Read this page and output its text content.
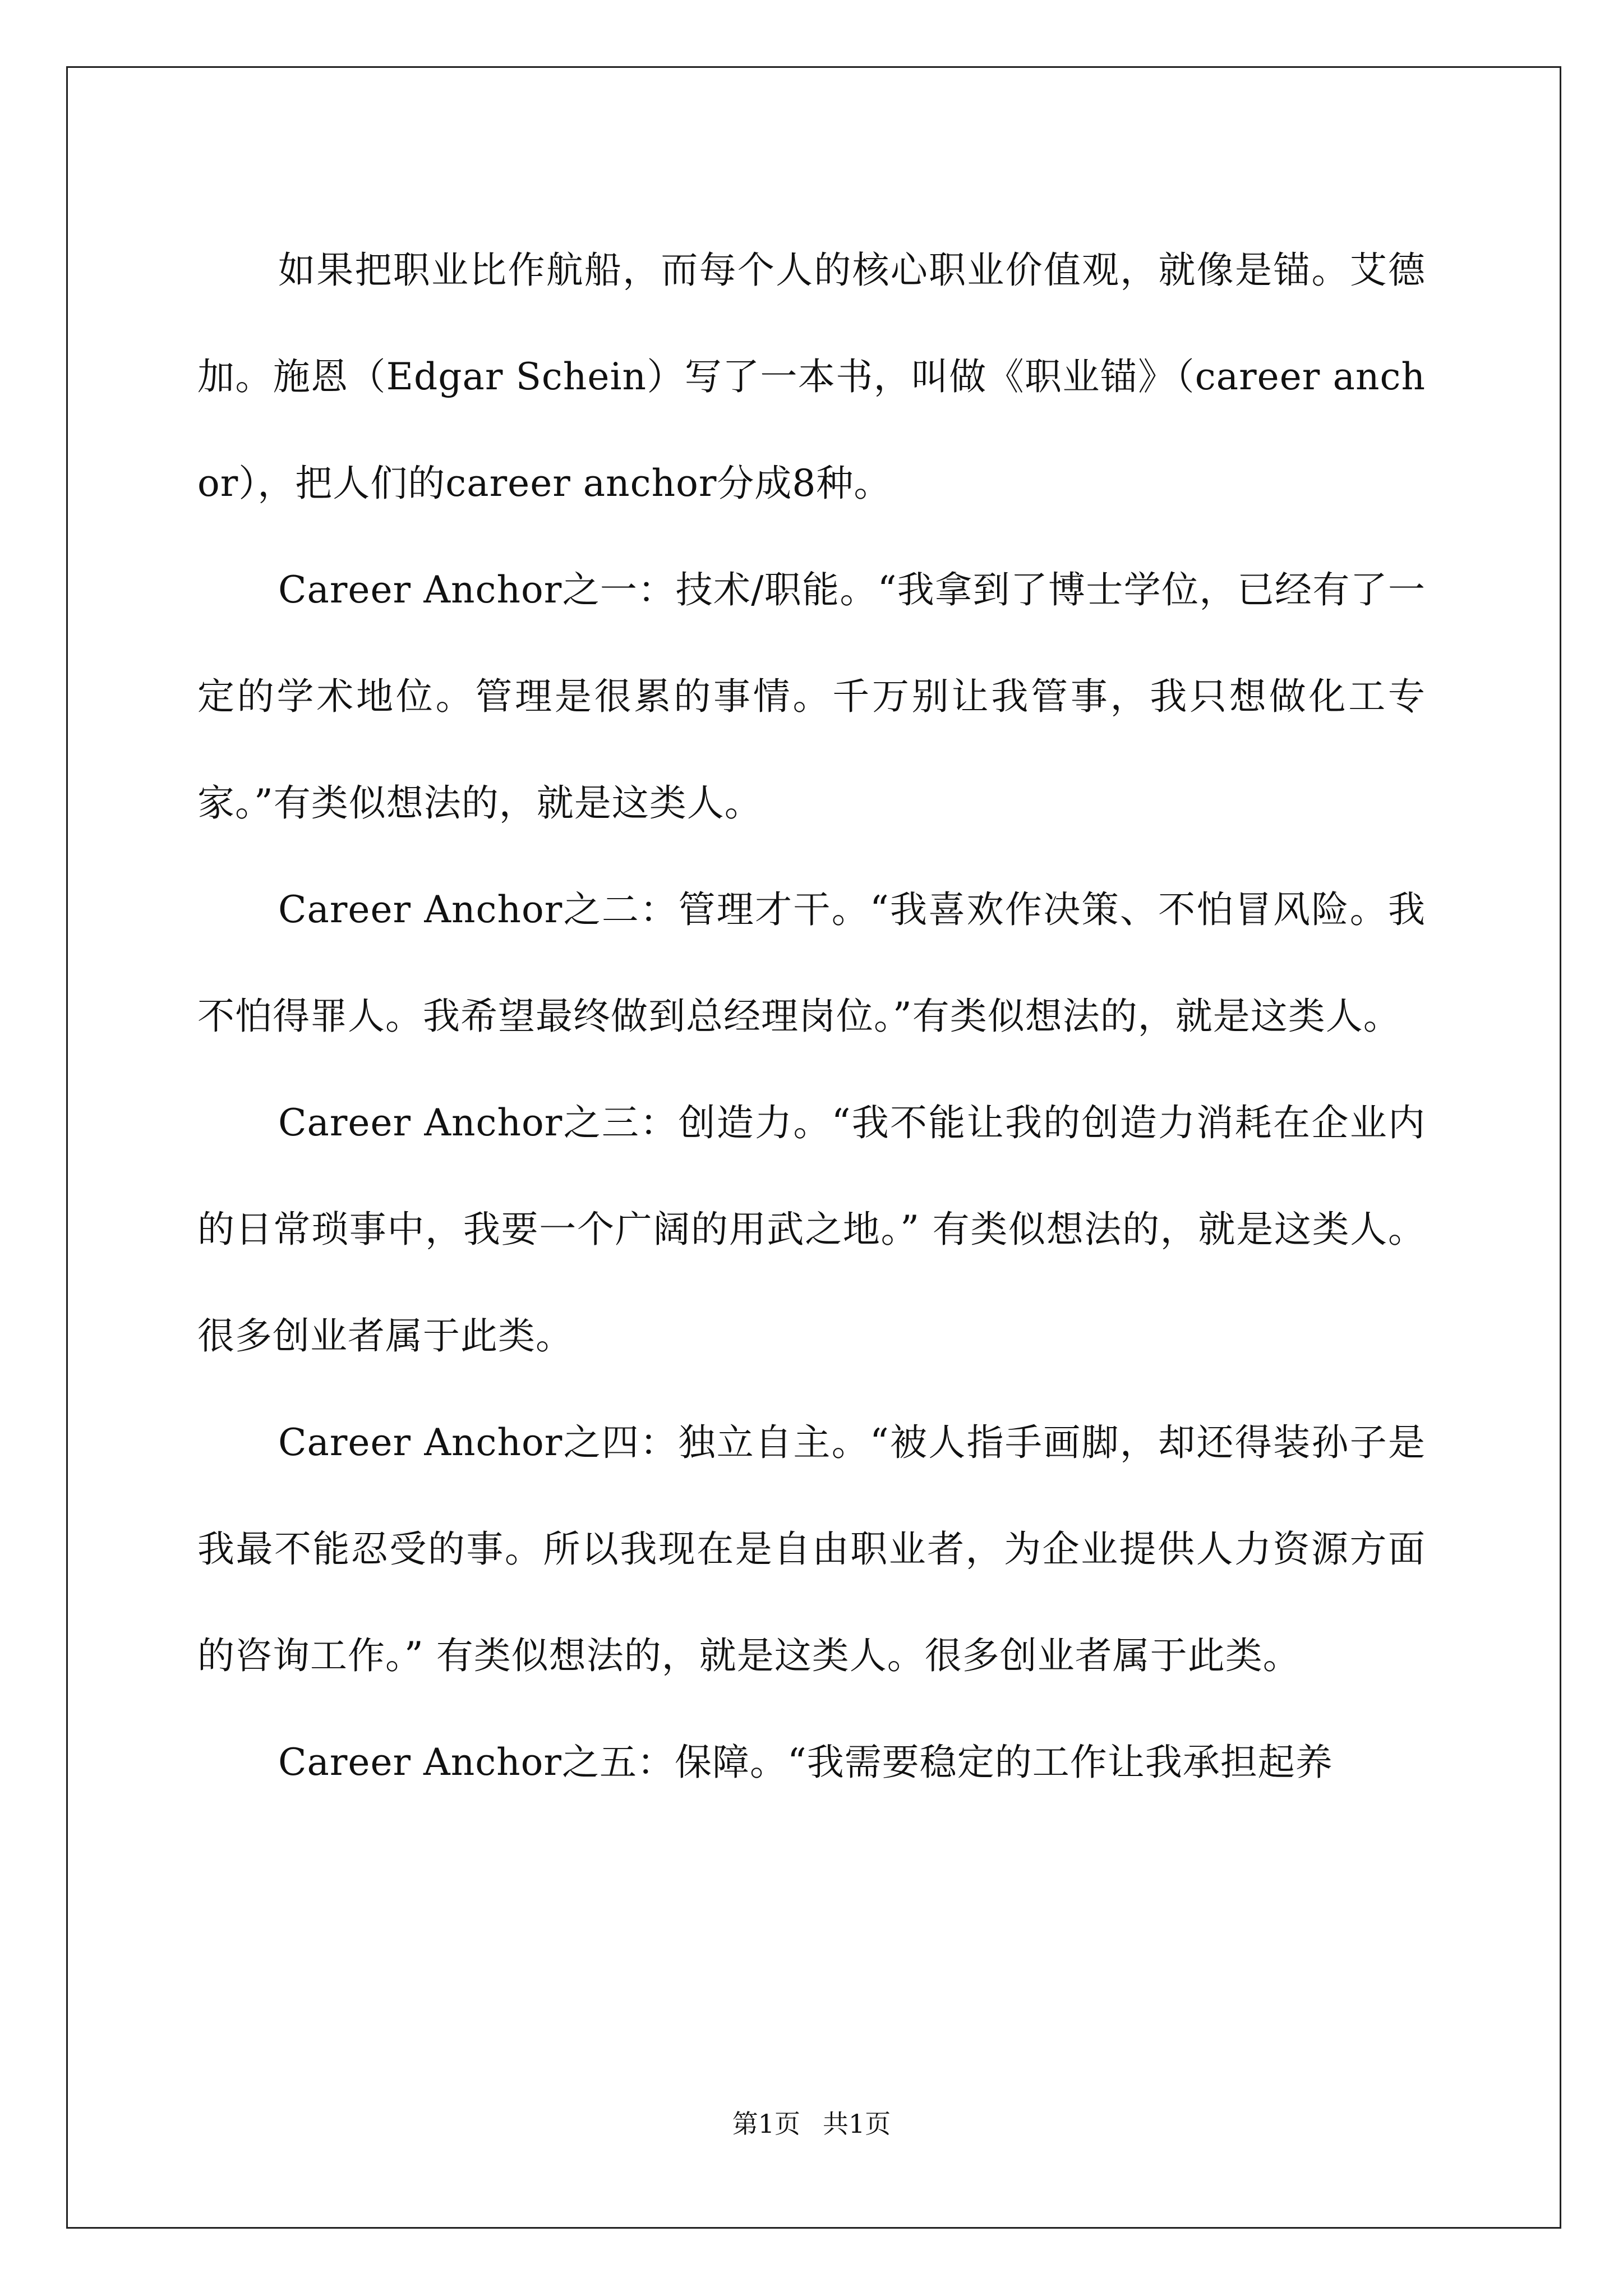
如果把职业比作航船，而每个人的核心职业价值观，就像是锚。艾德加。施恩（Edgar Schein）写了一本书，叫做《职业锚》（career anchor），把人们的career anchor分成8种。

Career Anchor之一：技术/职能。“我拿到了博士学位，已经有了一定的学术地位。管理是很累的事情。千万别让我管事，我只想做化工专家。”有类似想法的，就是这类人。

Career Anchor之二：管理才干。“我喜欢作决策、不怕冒风险。我不怕得罪人。我希望最终做到总经理岗位。”有类似想法的，就是这类人。

Career Anchor之三：创造力。“我不能让我的创造力消耗在企业内的日常琐事中，我要一个广阔的用武之地。” 有类似想法的，就是这类人。很多创业者属于此类。

Career Anchor之四：独立自主。“被人指手画脚，却还得装孙子是我最不能忍受的事。所以我现在是自由职业者，为企业提供人力资源方面的咨询工作。” 有类似想法的，就是这类人。很多创业者属于此类。

Career Anchor之五：保障。“我需要稳定的工作让我承担起养

第1页 共1页
